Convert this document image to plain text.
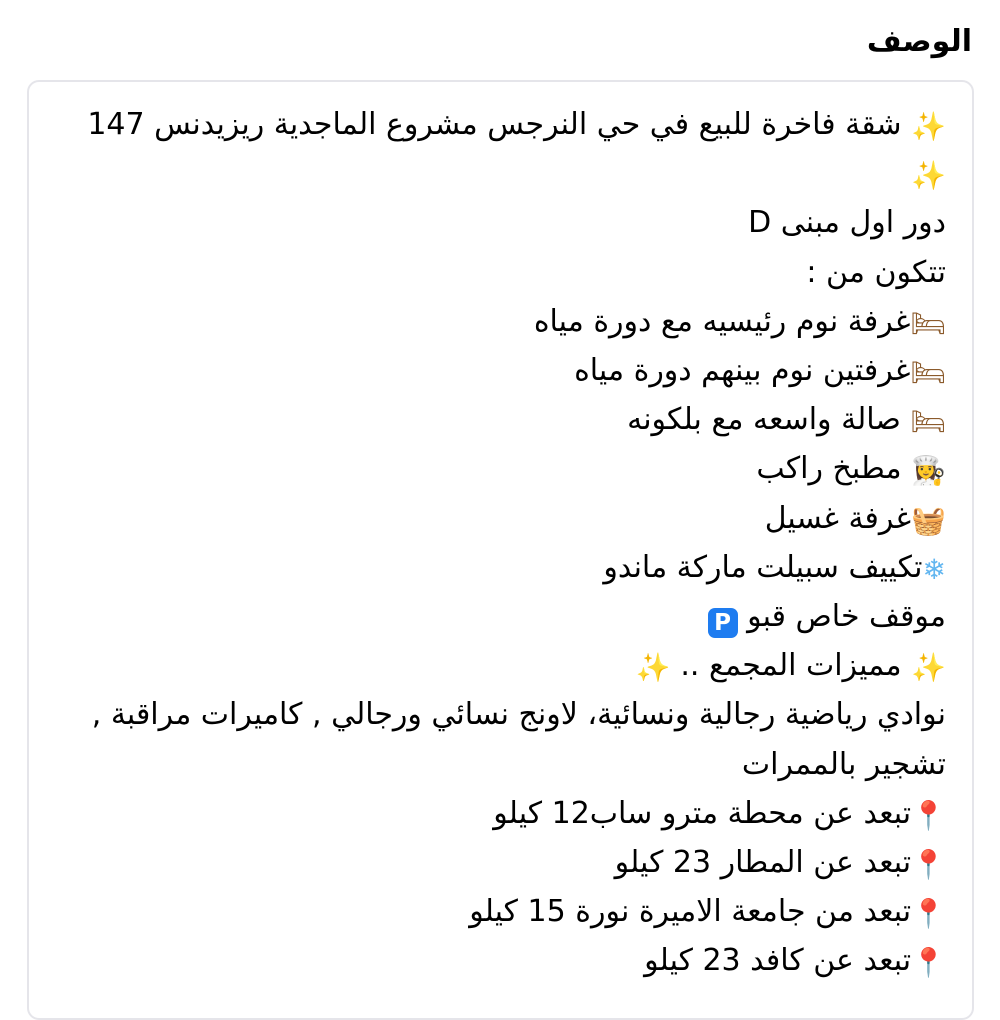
الوصف
✨ شقة فاخرة للبيع في حي النرجس مشروع الماجدية ريزيدنس 147 ✨
دور اول مبنى D
تتكون من :
🛏غرفة نوم رئيسيه مع دورة مياه
🛏غرفتين نوم بينهم دورة مياه
🛏 صالة واسعه مع بلكونه
👩‍🍳 مطبخ راكب
🧺غرفة غسيل
❄تكييف سبيلت ماركة ماندو
موقف خاص قبو P
✨ مميزات المجمع .. ✨
نوادي رياضية رجالية ونسائية، لاونج نسائي ورجالي , كاميرات مراقبة , تشجير بالممرات
📍تبعد عن محطة مترو ساب12 كيلو
📍تبعد عن المطار 23 كيلو
📍تبعد من جامعة الاميرة نورة 15 كيلو
📍تبعد عن كافد 23 كيلو
